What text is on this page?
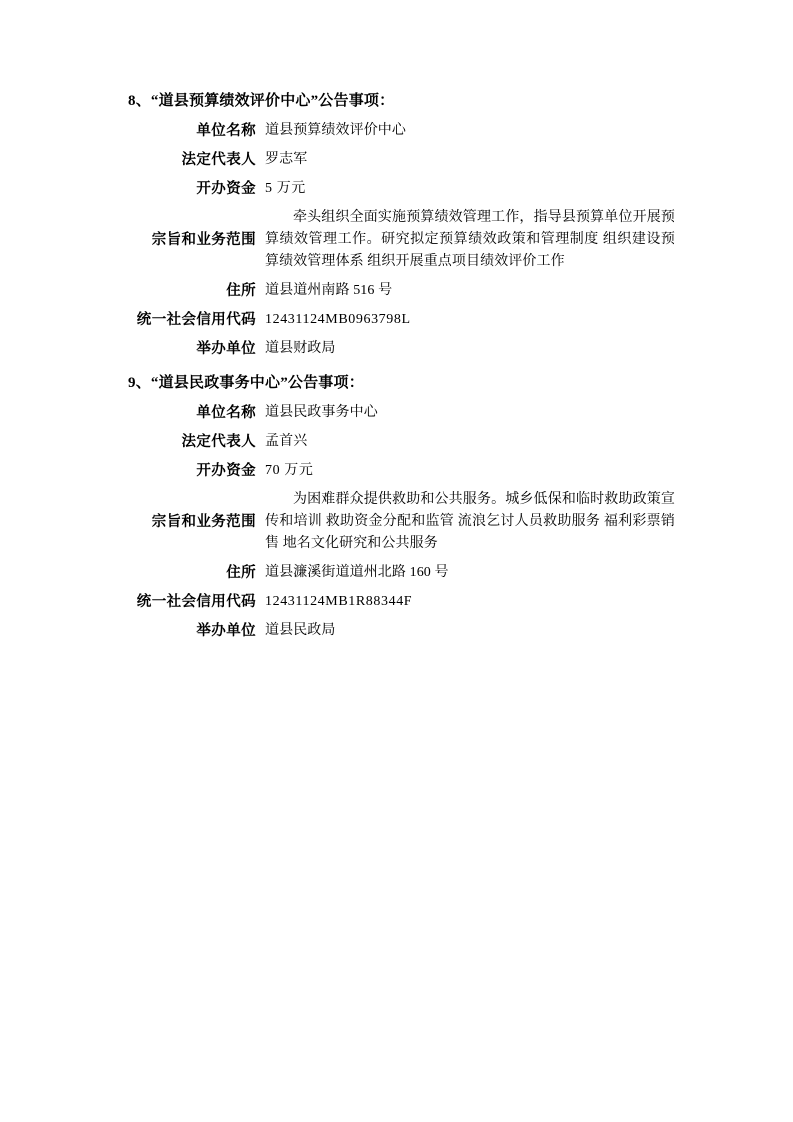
8、“道县预算绩效评价中心”公告事项：
单位名称 道县预算绩效评价中心
法定代表人 罗志军
开办资金 5 万元
宗旨和业务范围
牵头组织全面实施预算绩效管理工作，指导县预算单位开展预算绩效管理工作。研究拟定预算绩效政策和管理制度 组织建设预算绩效管理体系 组织开展重点项目绩效评价工作
住所 道县道州南路 516 号
统一社会信用代码 12431124MB0963798L
举办单位 道县财政局
9、“道县民政事务中心”公告事项：
单位名称 道县民政事务中心
法定代表人 孟首兴
开办资金 70 万元
宗旨和业务范围
为困难群众提供救助和公共服务。城乡低保和临时救助政策宣传和培训 救助资金分配和监管 流浪乞讨人员救助服务 福利彩票销售 地名文化研究和公共服务
住所 道县濂溪街道道州北路 160 号
统一社会信用代码 12431124MB1R88344F
举办单位 道县民政局
